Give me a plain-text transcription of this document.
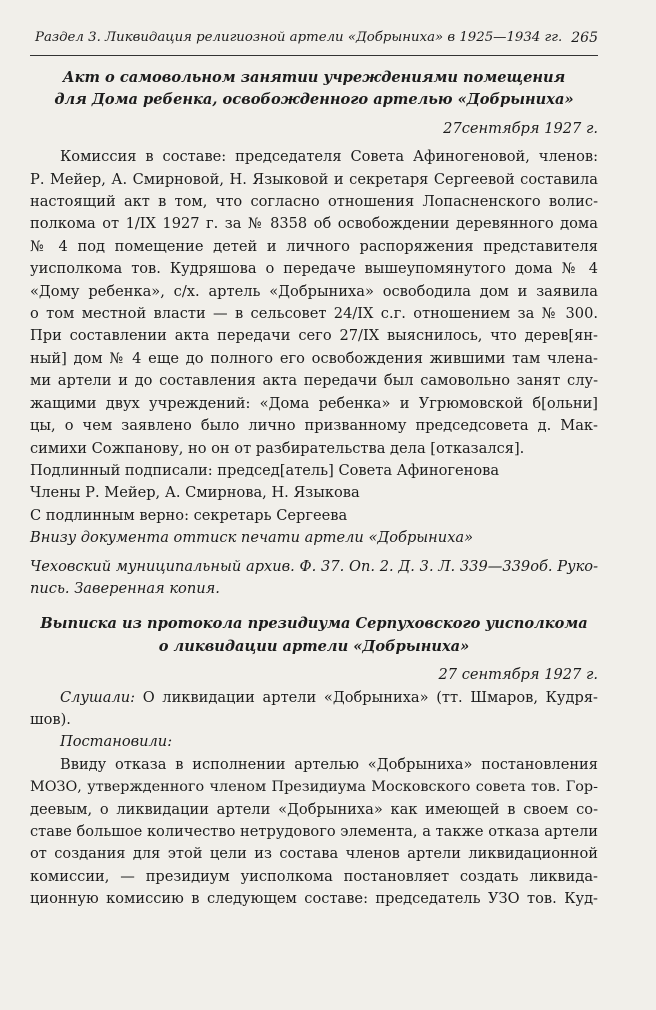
Раздел 3. Ликвидация религиозной артели «Добрыниха» в 1925—1934 гг. 265
Акт о самовольном занятии учреждениями помещения
для Дома ребенка, освобожденного артелью «Добрыниха»
27сентября 1927 г.
Комиссия в составе: председателя Совета Афиногеновой, членов:
Р. Мейер, А. Смирновой, Н. Языковой и секретаря Сергеевой составила
настоящий акт в том, что согласно отношения Лопасненского волис-
полкома от 1/IX 1927 г. за № 8358 об освобождении деревянного дома
№ 4 под помещение детей и личного распоряжения представителя
уисполкома тов. Кудряшова о передаче вышеупомянутого дома № 4
«Дому ребенка», с/х. артель «Добрыниха» освободила дом и заявила
о том местной власти — в сельсовет 24/IX с.г. отношением за № 300.
При составлении акта передачи сего 27/IX выяснилось, что дерев[ян-
ный] дом № 4 еще до полного его освобождения жившими там члена-
ми артели и до составления акта передачи был самовольно занят слу-
жащими двух учреждений: «Дома ребенка» и Угрюмовской б[ольни]
цы, о чем заявлено было лично призванному председсовета д. Мак-
симихи Сожпанову, но он от разбирательства дела [отказался].
Подлинный подписали: председ[атель] Совета Афиногенова
Члены Р. Мейер, А. Смирнова, Н. Языкова
С подлинным верно: секретарь Сергеева
Внизу документа оттиск печати артели «Добрыниха»
Чеховский муниципальный архив. Ф. 37. Оп. 2. Д. 3. Л. 339—339об. Руко-
пись. Заверенная копия.
Выписка из протокола президиума Серпуховского уисполкома
о ликвидации артели «Добрыниха»
27 сентября 1927 г.
Слушали: О ликвидации артели «Добрыниха» (тт. Шмаров, Кудря-
шов).
Постановили:
Ввиду отказа в исполнении артелью «Добрыниха» постановления
МОЗО, утвержденного членом Президиума Московского совета тов. Гор-
деевым, о ликвидации артели «Добрыниха» как имеющей в своем со-
ставе большое количество нетрудового элемента, а также отказа артели
от создания для этой цели из состава членов артели ликвидационной
комиссии, — президиум уисполкома постановляет создать ликвида-
ционную комиссию в следующем составе: председатель УЗО тов. Куд-
